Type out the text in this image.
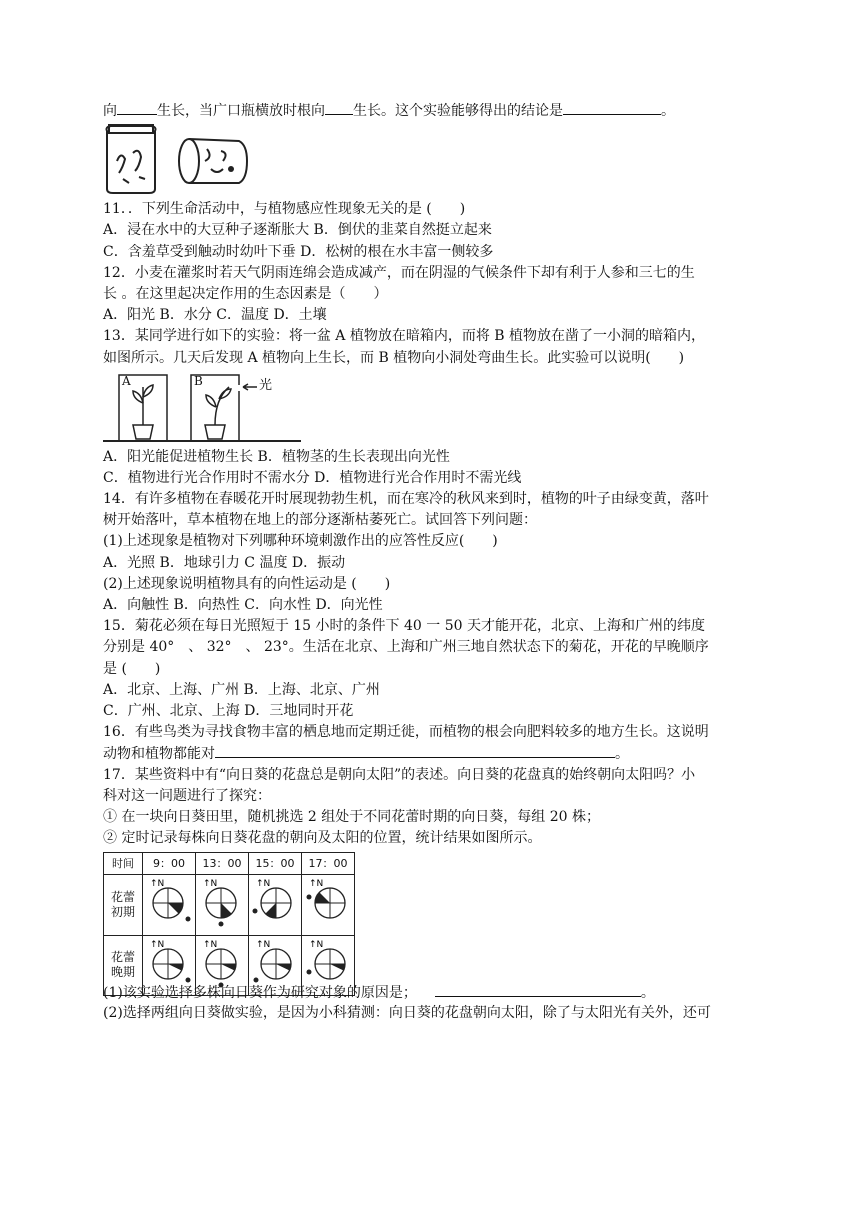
向	生长，当广口瓶横放时根向 生长。这个实验能够得出的结论是	。
11．．下列生命活动中，与植物感应性现象无关的是 (　　)
A．浸在水中的大豆种子逐渐胀大 B．倒伏的韭菜自然挺立起来
C．含羞草受到触动时幼叶下垂 D．松树的根在水丰富一侧较多
12．小麦在灌浆时若天气阴雨连绵会造成减产，而在阴湿的气候条件下却有利于人参和三七的生
长 。在这里起决定作用的生态因素是（　　）
A．阳光 B．水分 C．温度 D．土壤
13．某同学进行如下的实验：将一盆 A 植物放在暗箱内，而将 B 植物放在凿了一小洞的暗箱内，
如图所示。几天后发现 A 植物向上生长，而 B 植物向小洞处弯曲生长。此实验可以说明(　　)
A	B	光
A．阳光能促进植物生长 B．植物茎的生长表现出向光性
C．植物进行光合作用时不需水分 D．植物进行光合作用时不需光线
14．有许多植物在春暖花开时展现勃勃生机，而在寒冷的秋风来到时，植物的叶子由绿变黄，落叶
树开始落叶，草本植物在地上的部分逐渐枯萎死亡。试回答下列问题：
(1)上述现象是植物对下列哪种环境刺激作出的应答性反应(　　)
A．光照 B．地球引力 C 温度 D．振动
(2)上述现象说明植物具有的向性运动是 (　　)
A．向触性 B．向热性 C．向水性 D．向光性
15．菊花必须在每日光照短于 15 小时的条件下 40 一 50 天才能开花，北京、上海和广州的纬度
分别是 40°　、 32°　、 23°。生活在北京、上海和广州三地自然状态下的菊花，开花的早晚顺序
是 (　　)
A．北京、上海、广州 B．上海、北京、广州
C．广州、北京、上海 D．三地同时开花
16．有些鸟类为寻找食物丰富的栖息地而定期迁徙，而植物的根会向肥料较多的地方生长。这说明
动物和植物都能对	。
17．某些资料中有“向日葵的花盘总是朝向太阳”的表述。向日葵的花盘真的始终朝向太阳吗？小
科对这一问题进行了探究：
① 在一块向日葵田里，随机挑选 2 组处于不同花蕾时期的向日葵，每组 20 株；
② 定时记录每株向日葵花盘的朝向及太阳的位置，统计结果如图所示。
时间	9：00	13：00	15：00	17：00
花蕾初期	↑N	↑N	↑N	↑N

花蕾晚期	↑N	↑N	↑N	↑N
(1)该实验选择多株向日葵作为研究对象的原因是；	。
(2)选择两组向日葵做实验，是因为小科猜测：向日葵的花盘朝向太阳，除了与太阳光有关外，还可
